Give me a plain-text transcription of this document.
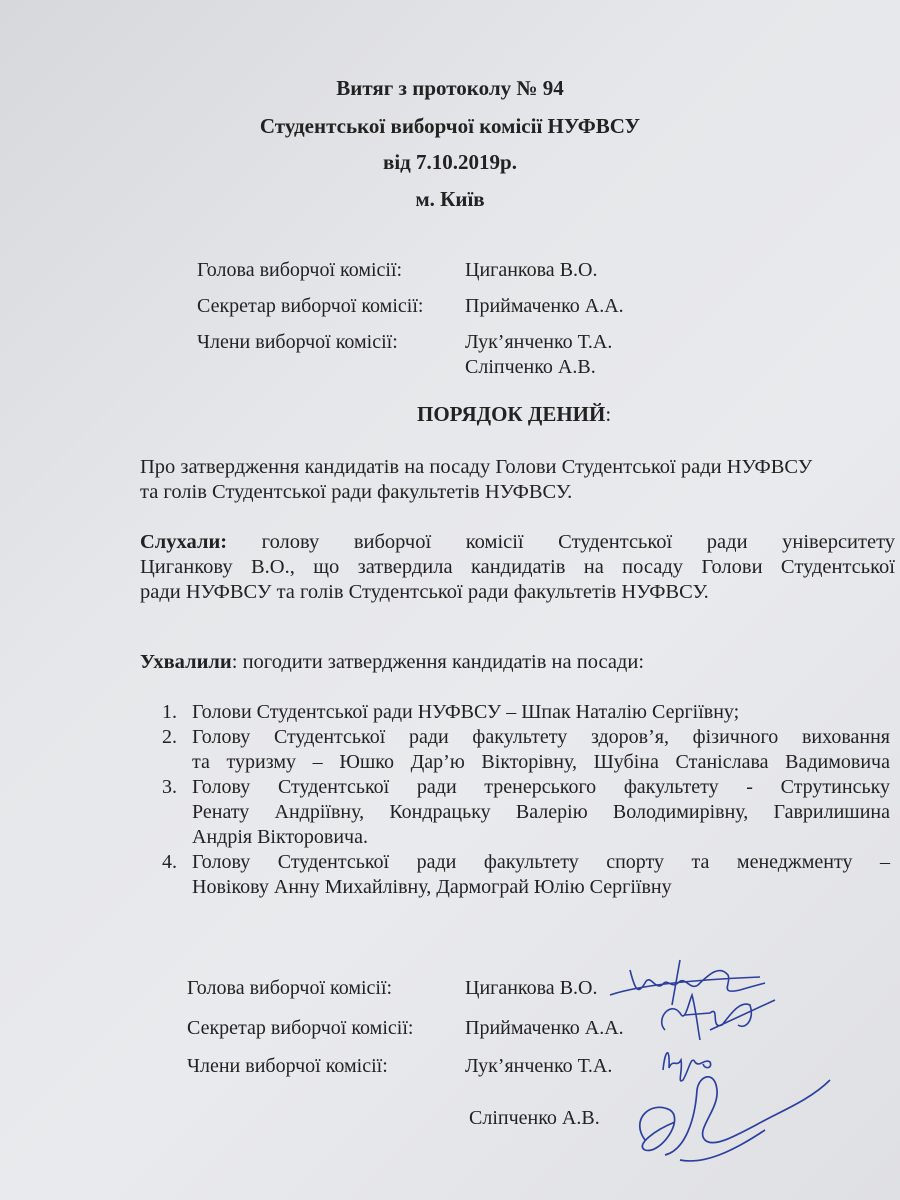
Витяг з протоколу № 94
Студентської виборчої комісії НУФВСУ
від 7.10.2019р.
м. Київ
Голова виборчої комісії:	Циганкова В.О.
Секретар виборчої комісії: Приймаченко А.А.
Члени виборчої комісії:	Лук’янченко Т.А.
Сліпченко А.В.
ПОРЯДОК ДЕНИЙ:
Про затвердження кандидатів на посаду Голови Студентської ради НУФВСУ
та голів Студентської ради факультетів НУФВСУ.
Слухали: голову виборчої комісії Студентської ради університету
Циганкову В.О., що затвердила кандидатів на посаду Голови Студентської
ради НУФВСУ та голів Студентської ради факультетів НУФВСУ.
Ухвалили: погодити затвердження кандидатів на посади:
1. Голови Студентської ради НУФВСУ – Шпак Наталію Сергіївну;
2. Голову Студентської ради факультету здоров’я, фізичного виховання
та туризму – Юшко Дар’ю Вікторівну, Шубіна Станіслава Вадимовича
3. Голову Студентської ради тренерського факультету - Струтинську
Ренату Андріївну, Кондрацьку Валерію Володимирівну, Гаврилишина
Андрія Вікторовича.
4. Голову Студентської ради факультету спорту та менеджменту –
Новікову Анну Михайлівну, Дармограй Юлію Сергіївну
Голова виборчої комісії:	Циганкова В.О.
Секретар виборчої комісії:	Приймаченко А.А.
Члени виборчої комісії:	Лук’янченко Т.А.
Сліпченко А.В.
